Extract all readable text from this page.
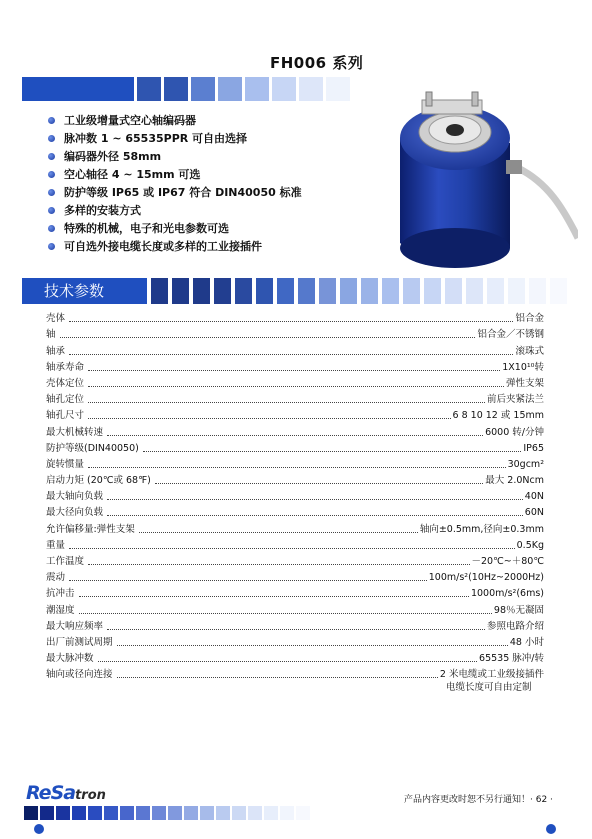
FH006 系列
工业级增量式空心轴编码器
脉冲数 1 ~ 65535PPR 可自由选择
编码器外径 58mm
空心轴径 4 ~ 15mm 可选
防护等级 IP65 或 IP67 符合 DIN40050 标准
多样的安装方式
特殊的机械，电子和光电参数可选
可自选外接电缆长度或多样的工业接插件
技术参数
壳体	铝合金
轴	铝合金／不锈钢
轴承	滚珠式
轴承寿命	1X10¹⁰转
壳体定位	弹性支架
轴孔定位	前后夹紧法兰
轴孔尺寸	6 8 10 12 或 15mm
最大机械转速	6000 转/分钟
防护等级(DIN40050)	IP65
旋转惯量	30gcm²
启动力矩 (20℃或 68℉)	最大 2.0Ncm
最大轴向负载	40N
最大径向负载	60N
允许偏移量:弹性支架	轴向±0.5mm,径向±0.3mm
重量	0.5Kg
工作温度	－20℃~＋80℃
震动	100m/s²(10Hz~2000Hz)
抗冲击	1000m/s²(6ms)
潮湿度	98％无凝固
最大响应频率	参照电路介绍
出厂前测试周期	48 小时
最大脉冲数	65535 脉冲/转
轴向或径向连接	2 米电缆或工业级接插件
电缆长度可自由定制
ReSatron	产品内容更改时恕不另行通知！· 62 ·
